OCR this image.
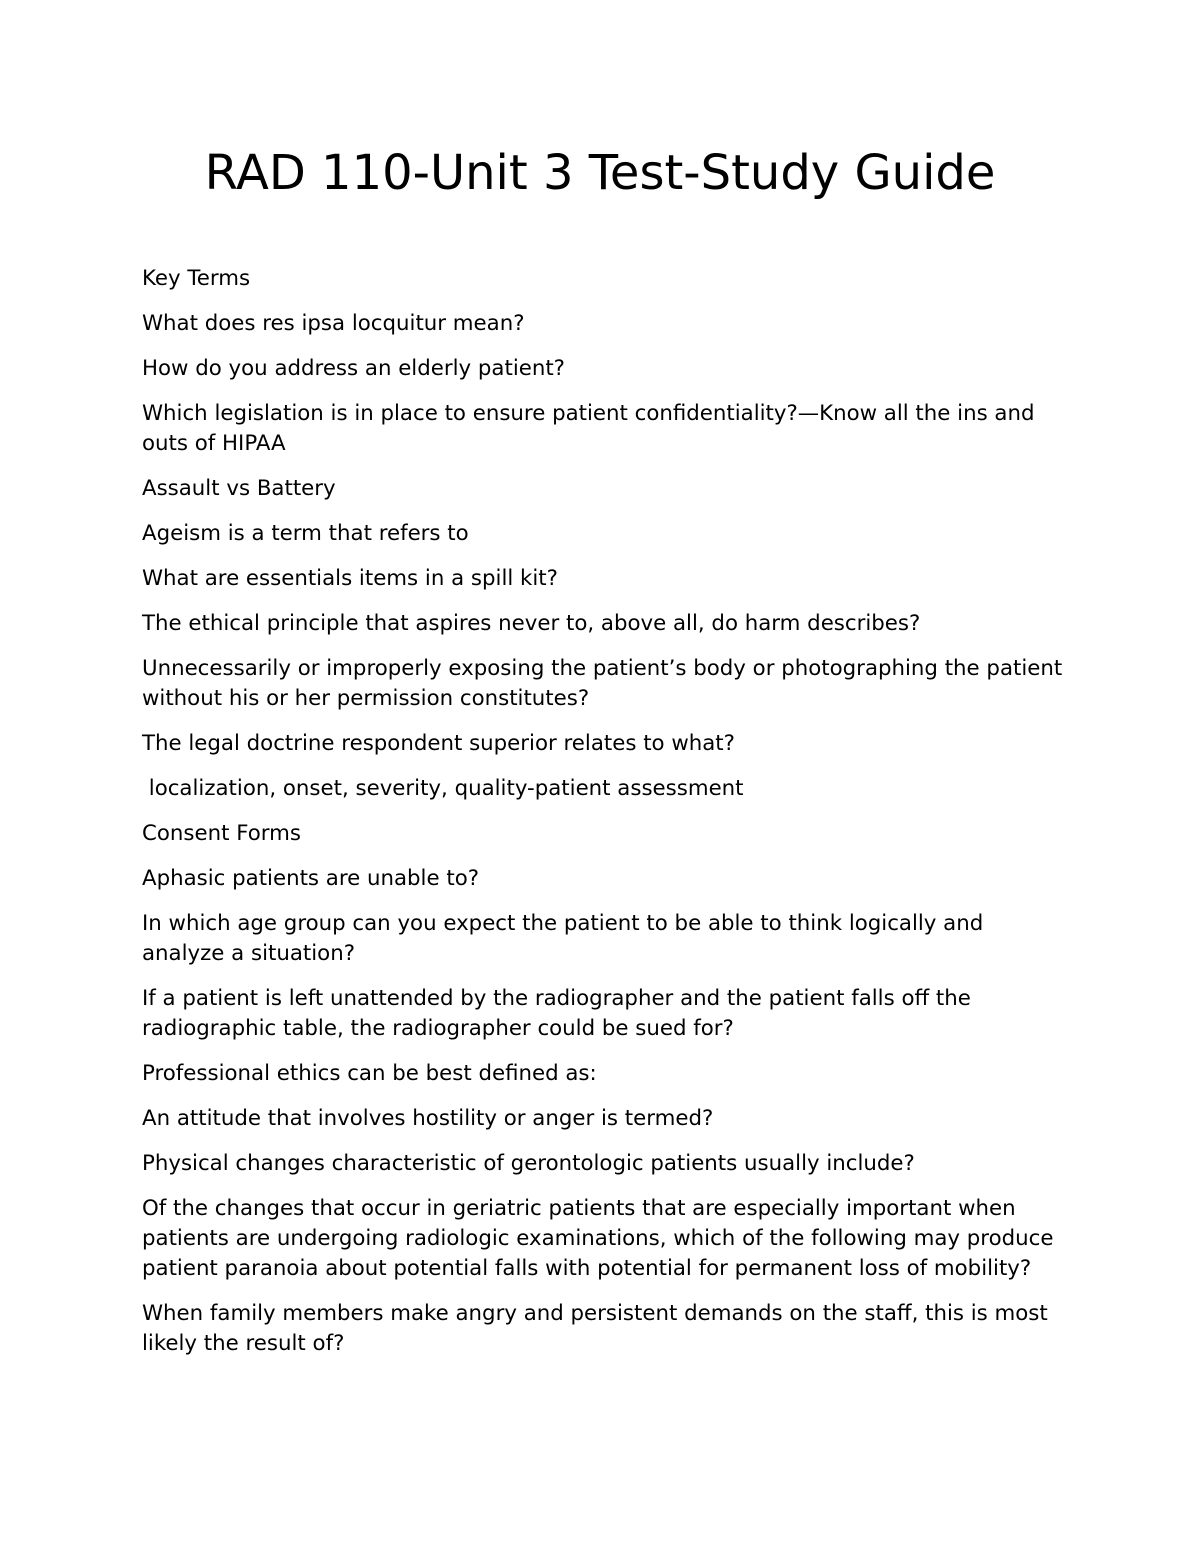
RAD 110-Unit 3 Test-Study Guide

Key Terms

What does res ipsa locquitur mean?

How do you address an elderly patient?

Which legislation is in place to ensure patient confidentiality?—Know all the ins and outs of HIPAA

Assault vs Battery

Ageism is a term that refers to

What are essentials items in a spill kit?

The ethical principle that aspires never to, above all, do harm describes?

Unnecessarily or improperly exposing the patient’s body or photographing the patient without his or her permission constitutes?

The legal doctrine respondent superior relates to what?

localization, onset, severity, quality-patient assessment

Consent Forms

Aphasic patients are unable to?

In which age group can you expect the patient to be able to think logically and analyze a situation?

If a patient is left unattended by the radiographer and the patient falls off the radiographic table, the radiographer could be sued for?

Professional ethics can be best defined as:

An attitude that involves hostility or anger is termed?

Physical changes characteristic of gerontologic patients usually include?

Of the changes that occur in geriatric patients that are especially important when patients are undergoing radiologic examinations, which of the following may produce patient paranoia about potential falls with potential for permanent loss of mobility?

When family members make angry and persistent demands on the staff, this is most likely the result of?
